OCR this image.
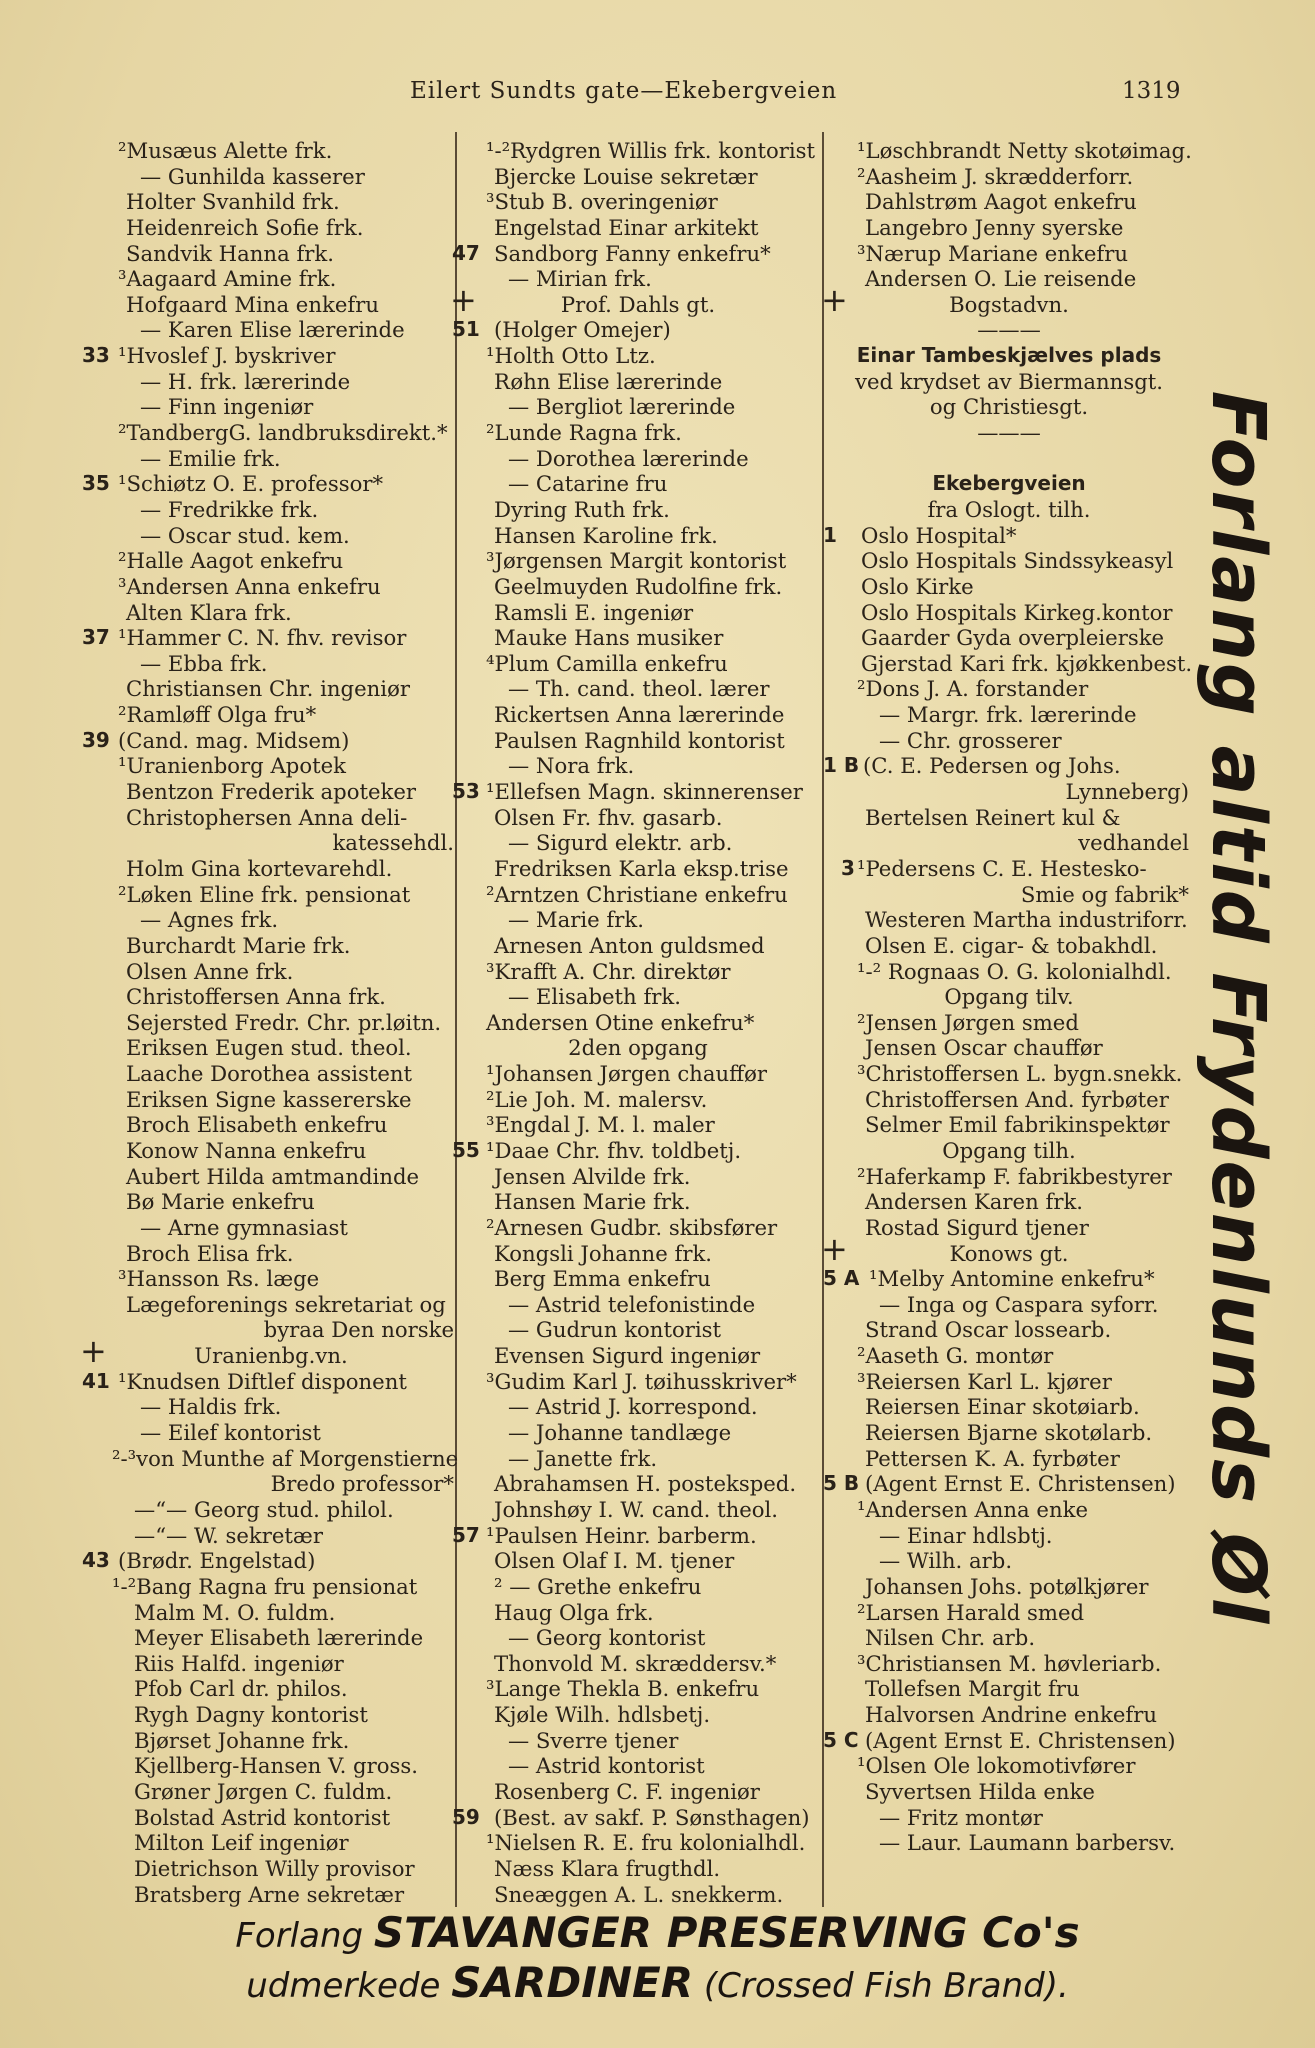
Eilert Sundts gate—Ekebergveien	1319
²Musæus Alette frk.
— Gunhilda kasserer
Holter Svanhild frk.
Heidenreich Sofie frk.
Sandvik Hanna frk.
³Aagaard Amine frk.
Hofgaard Mina enkefru
— Karen Elise lærerinde
33 ¹Hvoslef J. byskriver
— H. frk. lærerinde
— Finn ingeniør
²TandbergG. landbruksdirekt.*
— Emilie frk.
35 ¹Schiøtz O. E. professor*
— Fredrikke frk.
— Oscar stud. kem.
²Halle Aagot enkefru
³Andersen Anna enkefru
Alten Klara frk.
37 ¹Hammer C. N. fhv. revisor
— Ebba frk.
Christiansen Chr. ingeniør
²Ramløff Olga fru*
39 (Cand. mag. Midsem)
¹Uranienborg Apotek
Bentzon Frederik apoteker
Christophersen Anna deli-
katessehdl.
Holm Gina kortevarehdl.
²Løken Eline frk. pensionat
— Agnes frk.
Burchardt Marie frk.
Olsen Anne frk.
Christoffersen Anna frk.
Sejersted Fredr. Chr. pr.løitn.
Eriksen Eugen stud. theol.
Laache Dorothea assistent
Eriksen Signe kassererske
Broch Elisabeth enkefru
Konow Nanna enkefru
Aubert Hilda amtmandinde
Bø Marie enkefru
— Arne gymnasiast
Broch Elisa frk.
³Hansson Rs. læge
Lægeforenings sekretariat og
byraa Den norske
+	Uranienbg.vn.
41 ¹Knudsen Diftlef disponent
— Haldis frk.
— Eilef kontorist
²-³von Munthe af Morgenstierne
Bredo professor*
—“— Georg stud. philol.
—“— W. sekretær
43 (Brødr. Engelstad)
¹-²Bang Ragna fru pensionat
Malm M. O. fuldm.
Meyer Elisabeth lærerinde
Riis Halfd. ingeniør
Pfob Carl dr. philos.
Rygh Dagny kontorist
Bjørset Johanne frk.
Kjellberg-Hansen V. gross.
Grøner Jørgen C. fuldm.
Bolstad Astrid kontorist
Milton Leif ingeniør
Dietrichson Willy provisor
Bratsberg Arne sekretær
¹-²Rydgren Willis frk. kontorist
Bjercke Louise sekretær
³Stub B. overingeniør
Engelstad Einar arkitekt
47 Sandborg Fanny enkefru*
— Mirian frk.
+	Prof. Dahls gt.
51 (Holger Omejer)
¹Holth Otto Ltz.
Røhn Elise lærerinde
— Bergliot lærerinde
²Lunde Ragna frk.
— Dorothea lærerinde
— Catarine fru
Dyring Ruth frk.
Hansen Karoline frk.
³Jørgensen Margit kontorist
Geelmuyden Rudolfine frk.
Ramsli E. ingeniør
Mauke Hans musiker
⁴Plum Camilla enkefru
— Th. cand. theol. lærer
Rickertsen Anna lærerinde
Paulsen Ragnhild kontorist
— Nora frk.
53 ¹Ellefsen Magn. skinnerenser
Olsen Fr. fhv. gasarb.
— Sigurd elektr. arb.
Fredriksen Karla eksp.trise
²Arntzen Christiane enkefru
— Marie frk.
Arnesen Anton guldsmed
³Krafft A. Chr. direktør
— Elisabeth frk.
Andersen Otine enkefru*
2den opgang
¹Johansen Jørgen chauffør
²Lie Joh. M. malersv.
³Engdal J. M. l. maler
55 ¹Daae Chr. fhv. toldbetj.
Jensen Alvilde frk.
Hansen Marie frk.
²Arnesen Gudbr. skibsfører
Kongsli Johanne frk.
Berg Emma enkefru
— Astrid telefonistinde
— Gudrun kontorist
Evensen Sigurd ingeniør
³Gudim Karl J. tøihusskriver*
— Astrid J. korrespond.
— Johanne tandlæge
— Janette frk.
Abrahamsen H. posteksped.
Johnshøy I. W. cand. theol.
57 ¹Paulsen Heinr. barberm.
Olsen Olaf I. M. tjener
² — Grethe enkefru
Haug Olga frk.
— Georg kontorist
Thonvold M. skræddersv.*
³Lange Thekla B. enkefru
Kjøle Wilh. hdlsbetj.
— Sverre tjener
— Astrid kontorist
Rosenberg C. F. ingeniør
59 (Best. av sakf. P. Sønsthagen)
¹Nielsen R. E. fru kolonialhdl.
Næss Klara frugthdl.
Sneæggen A. L. snekkerm.
¹Løschbrandt Netty skotøimag.
²Aasheim J. skrædderforr.
Dahlstrøm Aagot enkefru
Langebro Jenny syerske
³Nærup Mariane enkefru
Andersen O. Lie reisende
+	Bogstadvn.
———
Einar Tambeskjælves plads
ved krydset av Biermannsgt.
og Christiesgt.
———
Ekebergveien
fra Oslogt. tilh.
1 Oslo Hospital*
Oslo Hospitals Sindssykeasyl
Oslo Kirke
Oslo Hospitals Kirkeg.kontor
Gaarder Gyda overpleierske
Gjerstad Kari frk. kjøkkenbest.
²Dons J. A. forstander
— Margr. frk. lærerinde
— Chr. grosserer
1 B (C. E. Pedersen og Johs.
Lynneberg)
Bertelsen Reinert kul &
vedhandel
3 ¹Pedersens C. E. Hestesko-
Smie og fabrik*
Westeren Martha industriforr.
Olsen E. cigar- & tobakhdl.
¹-² Rognaas O. G. kolonialhdl.
Opgang tilv.
²Jensen Jørgen smed
Jensen Oscar chauffør
³Christoffersen L. bygn.snekk.
Christoffersen And. fyrbøter
Selmer Emil fabrikinspektør
Opgang tilh.
²Haferkamp F. fabrikbestyrer
Andersen Karen frk.
Rostad Sigurd tjener
+	Konows gt.
5 A ¹Melby Antomine enkefru*
— Inga og Caspara syforr.
Strand Oscar lossearb.
²Aaseth G. montør
³Reiersen Karl L. kjører
Reiersen Einar skotøiarb.
Reiersen Bjarne skotølarb.
Pettersen K. A. fyrbøter
5 B (Agent Ernst E. Christensen)
¹Andersen Anna enke
— Einar hdlsbtj.
— Wilh. arb.
Johansen Johs. potølkjører
²Larsen Harald smed
Nilsen Chr. arb.
³Christiansen M. høvleriarb.
Tollefsen Margit fru
Halvorsen Andrine enkefru
5 C (Agent Ernst E. Christensen)
¹Olsen Ole lokomotivfører
Syvertsen Hilda enke
— Fritz montør
— Laur. Laumann barbersv.
Forlang altid Frydenlunds Øl
Forlang STAVANGER PRESERVING Co's
udmerkede SARDINER (Crossed Fish Brand).
